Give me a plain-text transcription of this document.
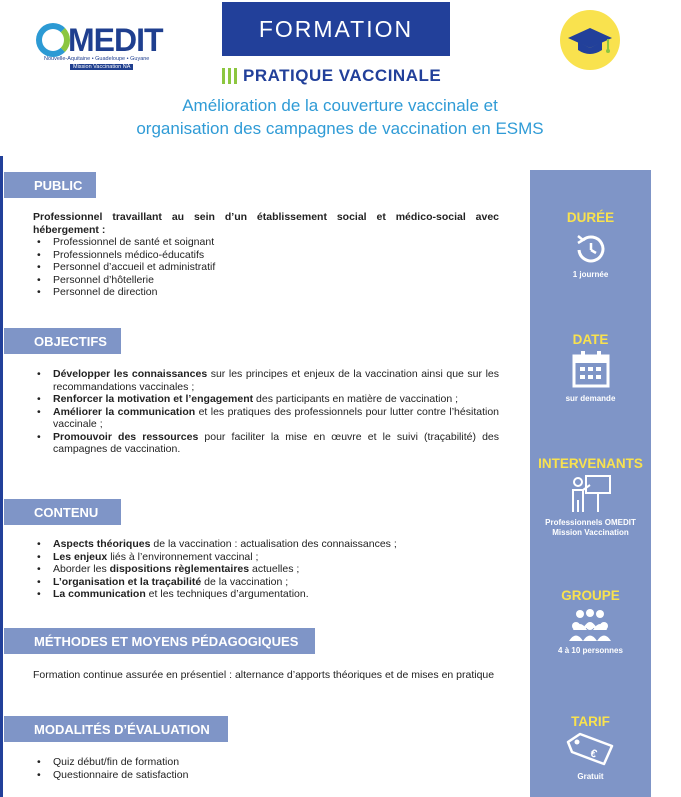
MEDIT
Nouvelle-Aquitaine • Guadeloupe • Guyane
Mission Vaccination NA
FORMATION
PRATIQUE VACCINALE
Amélioration de la couverture vaccinale et
organisation des campagnes de vaccination en ESMS
PUBLIC
Professionnel travaillant au sein d’un établissement social et médico-social avec hébergement :
• Professionnel de santé et soignant
• Professionnels médico-éducatifs
• Personnel d’accueil et administratif
• Personnel d’hôtellerie
• Personnel de direction
OBJECTIFS
• Développer les connaissances sur les principes et enjeux de la vaccination ainsi que sur les recommandations vaccinales ;
• Renforcer la motivation et l’engagement des participants en matière de vaccination ;
• Améliorer la communication et les pratiques des professionnels pour lutter contre l’hésitation vaccinale ;
• Promouvoir des ressources pour faciliter la mise en œuvre et le suivi (traçabilité) des campagnes de vaccination.
CONTENU
• Aspects théoriques de la vaccination : actualisation des connaissances ;
• Les enjeux liés à l’environnement vaccinal ;
• Aborder les dispositions règlementaires actuelles ;
• L’organisation et la traçabilité de la vaccination ;
• La communication et les techniques d’argumentation.
MÉTHODES ET MOYENS PÉDAGOGIQUES
Formation continue assurée en présentiel : alternance d’apports théoriques et de mises en pratique
MODALITÉS D’ÉVALUATION
• Quiz début/fin de formation
• Questionnaire de satisfaction
DURÉE
1 journée
DATE
sur demande
INTERVENANTS
Professionnels OMEDIT
Mission Vaccination
GROUPE
4 à 10 personnes
TARIF
€
Gratuit
